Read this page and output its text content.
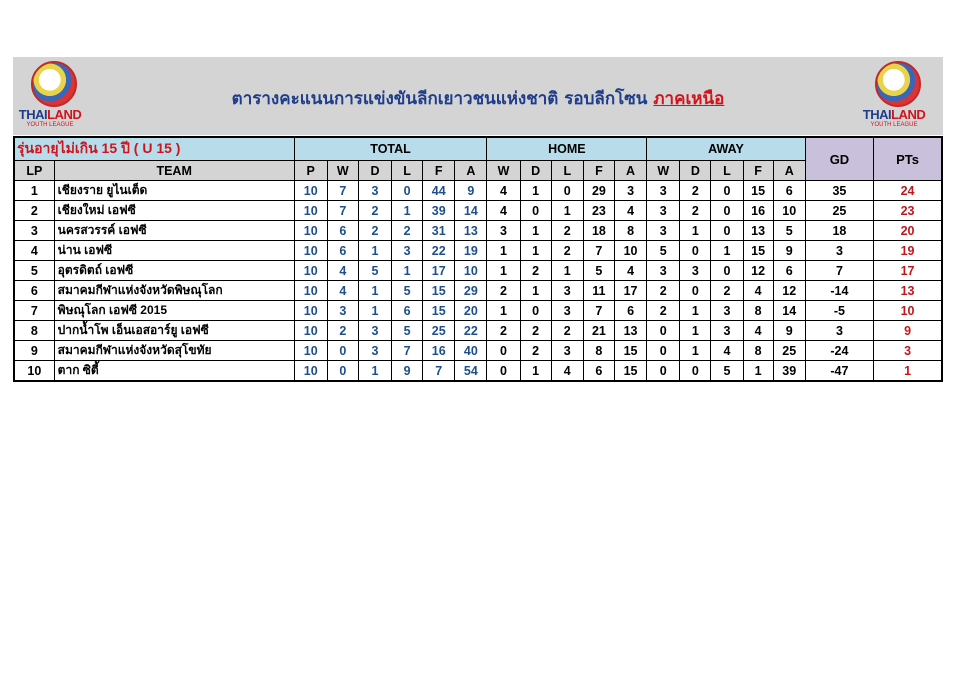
THAILAND
YOUTH LEAGUE
ตารางคะแนนการแข่งขันลีกเยาวชนแห่งชาติ รอบลีกโซน ภาคเหนือ
THAILAND
YOUTH LEAGUE
รุ่นอายุไม่เกิน 15 ปี ( U 15 )		TOTAL						HOME					AWAY					GD	PTs
LP	TEAM	P	W	D	L	F	A	W	D	L	F	A	W	D	L	F	A		
1	เชียงราย ยูไนเต็ด	10	7	3	0	44	9	4	1	0	29	3	3	2	0	15	6	35	24
2	เชียงใหม่ เอฟซี	10	7	2	1	39	14	4	0	1	23	4	3	2	0	16	10	25	23
3	นครสวรรค์ เอฟซี	10	6	2	2	31	13	3	1	2	18	8	3	1	0	13	5	18	20
4	น่าน เอฟซี	10	6	1	3	22	19	1	1	2	7	10	5	0	1	15	9	3	19
5	อุตรดิตถ์ เอฟซี	10	4	5	1	17	10	1	2	1	5	4	3	3	0	12	6	7	17
6	สมาคมกีฬาแห่งจังหวัดพิษณุโลก	10	4	1	5	15	29	2	1	3	11	17	2	0	2	4	12	-14	13
7	พิษณุโลก เอฟซี 2015	10	3	1	6	15	20	1	0	3	7	6	2	1	3	8	14	-5	10
8	ปากน้ำโพ เอ็นเอสอาร์ยู เอฟซี	10	2	3	5	25	22	2	2	2	21	13	0	1	3	4	9	3	9
9	สมาคมกีฬาแห่งจังหวัดสุโขทัย	10	0	3	7	16	40	0	2	3	8	15	0	1	4	8	25	-24	3
10	ตาก ซิตี้	10	0	1	9	7	54	0	1	4	6	15	0	0	5	1	39	-47	1
